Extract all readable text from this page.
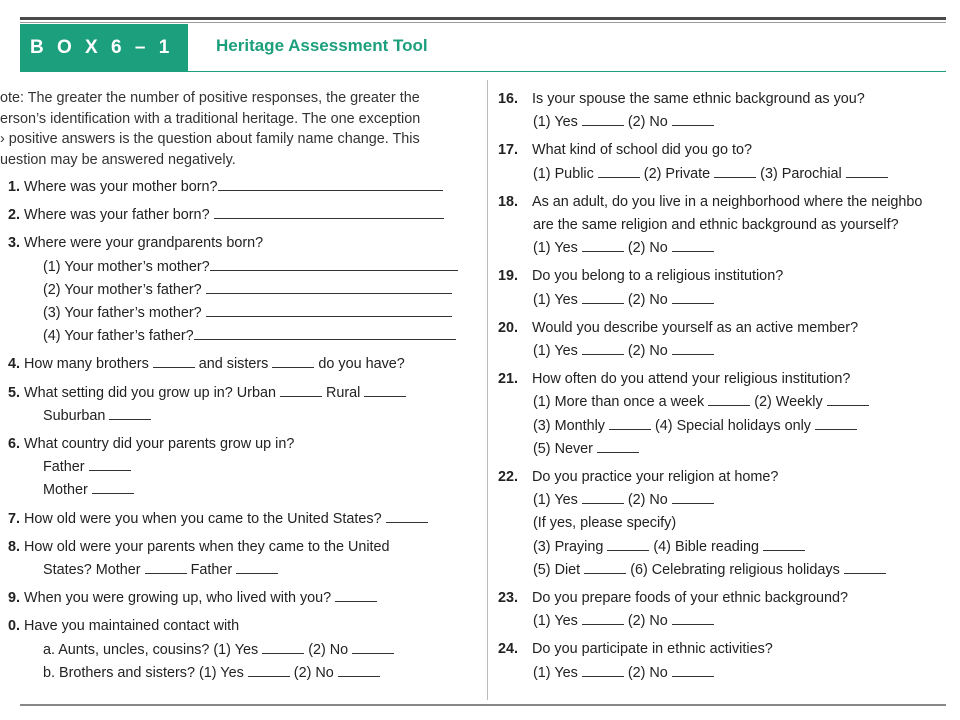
B O X 6 – 1	Heritage Assessment Tool
ote: The greater the number of positive responses, the greater the
erson’s identification with a traditional heritage. The one exception
› positive answers is the question about family name change. This
uestion may be answered negatively.
1. Where was your mother born?
2. Where was your father born?
3. Where were your grandparents born?
(1) Your mother’s mother?
(2) Your mother’s father?
(3) Your father’s mother?
(4) Your father’s father?
4. How many brothers	and sisters	do you have?
5. What setting did you grow up in? Urban	Rural
Suburban
6. What country did your parents grow up in?
Father
Mother
7. How old were you when you came to the United States?
8. How old were your parents when they came to the United
States? Mother	Father
9. When you were growing up, who lived with you?
0. Have you maintained contact with
a. Aunts, uncles, cousins? (1) Yes	(2) No
b. Brothers and sisters? (1) Yes	(2) No
16. Is your spouse the same ethnic background as you?
(1) Yes	(2) No
17. What kind of school did you go to?
(1) Public	(2) Private	(3) Parochial
18. As an adult, do you live in a neighborhood where the neighbo
are the same religion and ethnic background as yourself?
(1) Yes	(2) No
19. Do you belong to a religious institution?
(1) Yes	(2) No
20. Would you describe yourself as an active member?
(1) Yes	(2) No
21. How often do you attend your religious institution?
(1) More than once a week	(2) Weekly
(3) Monthly	(4) Special holidays only
(5) Never
22. Do you practice your religion at home?
(1) Yes	(2) No
(If yes, please specify)
(3) Praying	(4) Bible reading
(5) Diet	(6) Celebrating religious holidays
23. Do you prepare foods of your ethnic background?
(1) Yes	(2) No
24. Do you participate in ethnic activities?
(1) Yes	(2) No
